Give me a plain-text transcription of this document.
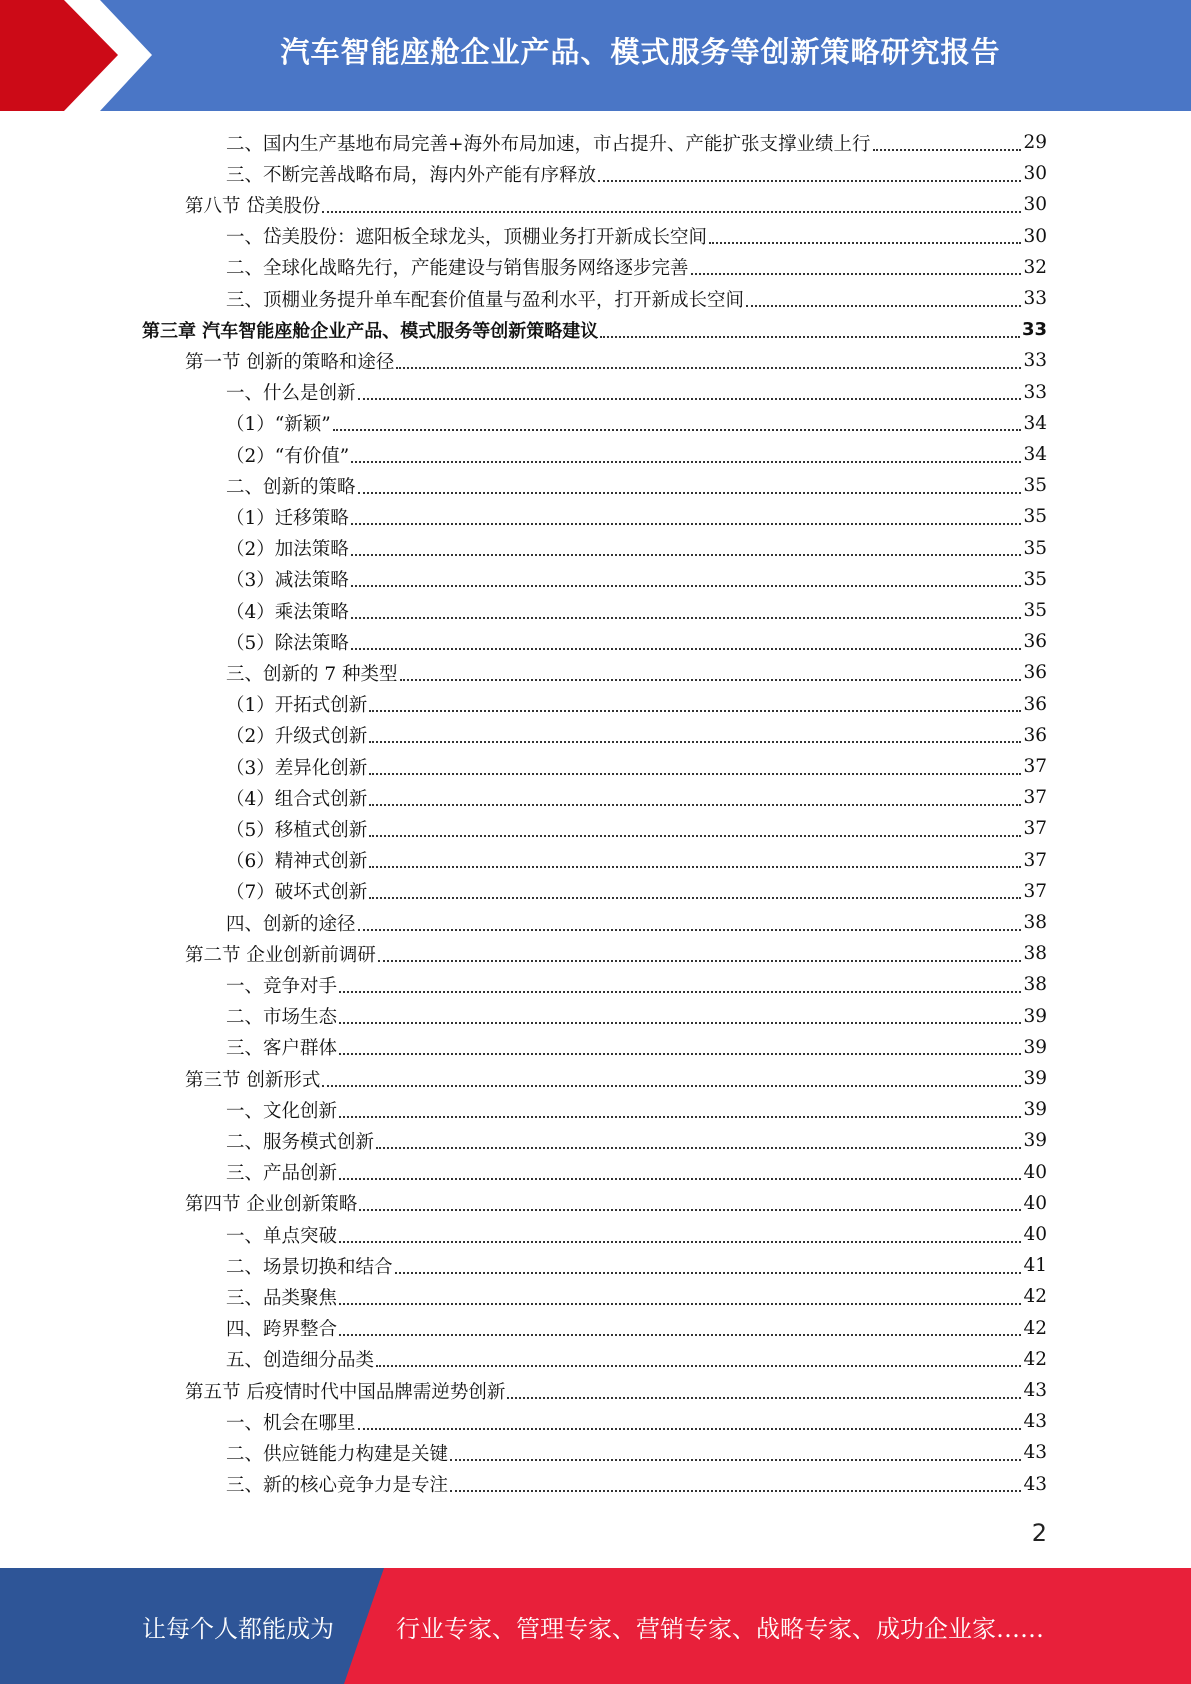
汽车智能座舱企业产品、模式服务等创新策略研究报告
二、国内生产基地布局完善+海外布局加速，市占提升、产能扩张支撑业绩上行	29
三、不断完善战略布局，海内外产能有序释放	30
第八节 岱美股份	30
一、岱美股份：遮阳板全球龙头，顶棚业务打开新成长空间	30
二、全球化战略先行，产能建设与销售服务网络逐步完善	32
三、顶棚业务提升单车配套价值量与盈利水平，打开新成长空间	33
第三章 汽车智能座舱企业产品、模式服务等创新策略建议	33
第一节 创新的策略和途径	33
一、什么是创新	33
（1）“新颖”	34
（2）“有价值”	34
二、创新的策略	35
（1）迁移策略	35
（2）加法策略	35
（3）减法策略	35
（4）乘法策略	35
（5）除法策略	36
三、创新的 7 种类型	36
（1）开拓式创新	36
（2）升级式创新	36
（3）差异化创新	37
（4）组合式创新	37
（5）移植式创新	37
（6）精神式创新	37
（7）破坏式创新	37
四、创新的途径	38
第二节 企业创新前调研	38
一、竞争对手	38
二、市场生态	39
三、客户群体	39
第三节 创新形式	39
一、文化创新	39
二、服务模式创新	39
三、产品创新	40
第四节 企业创新策略	40
一、单点突破	40
二、场景切换和结合	41
三、品类聚焦	42
四、跨界整合	42
五、创造细分品类	42
第五节 后疫情时代中国品牌需逆势创新	43
一、机会在哪里	43
二、供应链能力构建是关键	43
三、新的核心竞争力是专注	43
2
让每个人都能成为	行业专家、管理专家、营销专家、战略专家、成功企业家……
